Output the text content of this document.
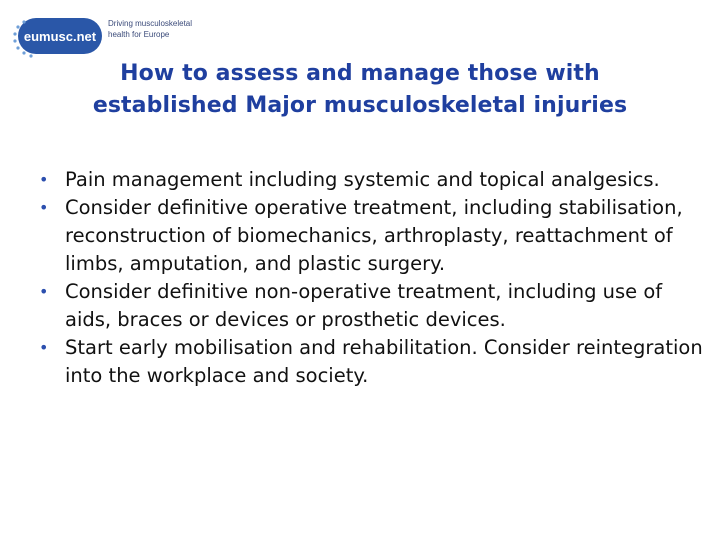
eumusc.net
Driving musculoskeletal
health for Europe
How to assess and manage those with
established Major musculoskeletal injuries
• Pain management including systemic and topical analgesics.
• Consider definitive operative treatment, including stabilisation, reconstruction of biomechanics, arthroplasty, reattachment of limbs, amputation, and plastic surgery.
• Consider definitive non-operative treatment, including use of aids, braces or devices or prosthetic devices.
• Start early mobilisation and rehabilitation. Consider reintegration into the workplace and society.
